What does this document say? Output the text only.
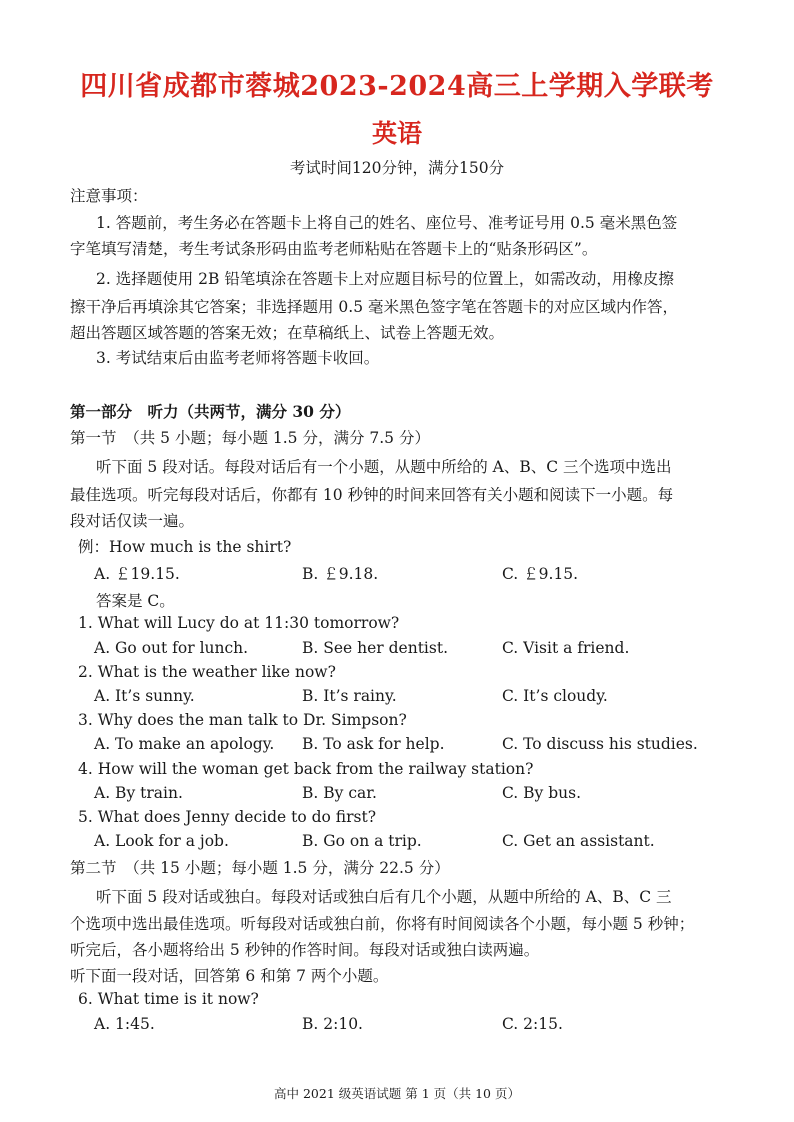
四川省成都市蓉城2023-2024高三上学期入学联考
英语
考试时间120分钟，满分150分
注意事项：
1. 答题前，考生务必在答题卡上将自己的姓名、座位号、准考证号用 0.5 毫米黑色签
字笔填写清楚，考生考试条形码由监考老师粘贴在答题卡上的“贴条形码区”。
2. 选择题使用 2B 铅笔填涂在答题卡上对应题目标号的位置上，如需改动，用橡皮擦
擦干净后再填涂其它答案；非选择题用 0.5 毫米黑色签字笔在答题卡的对应区域内作答，
超出答题区域答题的答案无效；在草稿纸上、试卷上答题无效。
3. 考试结束后由监考老师将答题卡收回。
第一部分　听力（共两节，满分 30 分）
第一节　（共 5 小题；每小题 1.5 分，满分 7.5 分）
听下面 5 段对话。每段对话后有一个小题，从题中所给的 A、B、C 三个选项中选出
最佳选项。听完每段对话后，你都有 10 秒钟的时间来回答有关小题和阅读下一小题。每
段对话仅读一遍。
例：How much is the shirt?
A. ￡19.15.	B. ￡9.18.	C. ￡9.15.
答案是 C。
1. What will Lucy do at 11:30 tomorrow?
A. Go out for lunch.	B. See her dentist.	C. Visit a friend.
2. What is the weather like now?
A. It’s sunny.	B. It’s rainy.	C. It’s cloudy.
3. Why does the man talk to Dr. Simpson?
A. To make an apology. B. To ask for help.	C. To discuss his studies.
4. How will the woman get back from the railway station?
A. By train.	B. By car.	C. By bus.
5. What does Jenny decide to do first?
A. Look for a job.	B. Go on a trip.	C. Get an assistant.
第二节　（共 15 小题；每小题 1.5 分，满分 22.5 分）
听下面 5 段对话或独白。每段对话或独白后有几个小题，从题中所给的 A、B、C 三
个选项中选出最佳选项。听每段对话或独白前，你将有时间阅读各个小题，每小题 5 秒钟；
听完后，各小题将给出 5 秒钟的作答时间。每段对话或独白读两遍。
听下面一段对话，回答第 6 和第 7 两个小题。
6. What time is it now?
A. 1:45.	B. 2:10.	C. 2:15.
高中 2021 级英语试题 第 1 页（共 10 页）
